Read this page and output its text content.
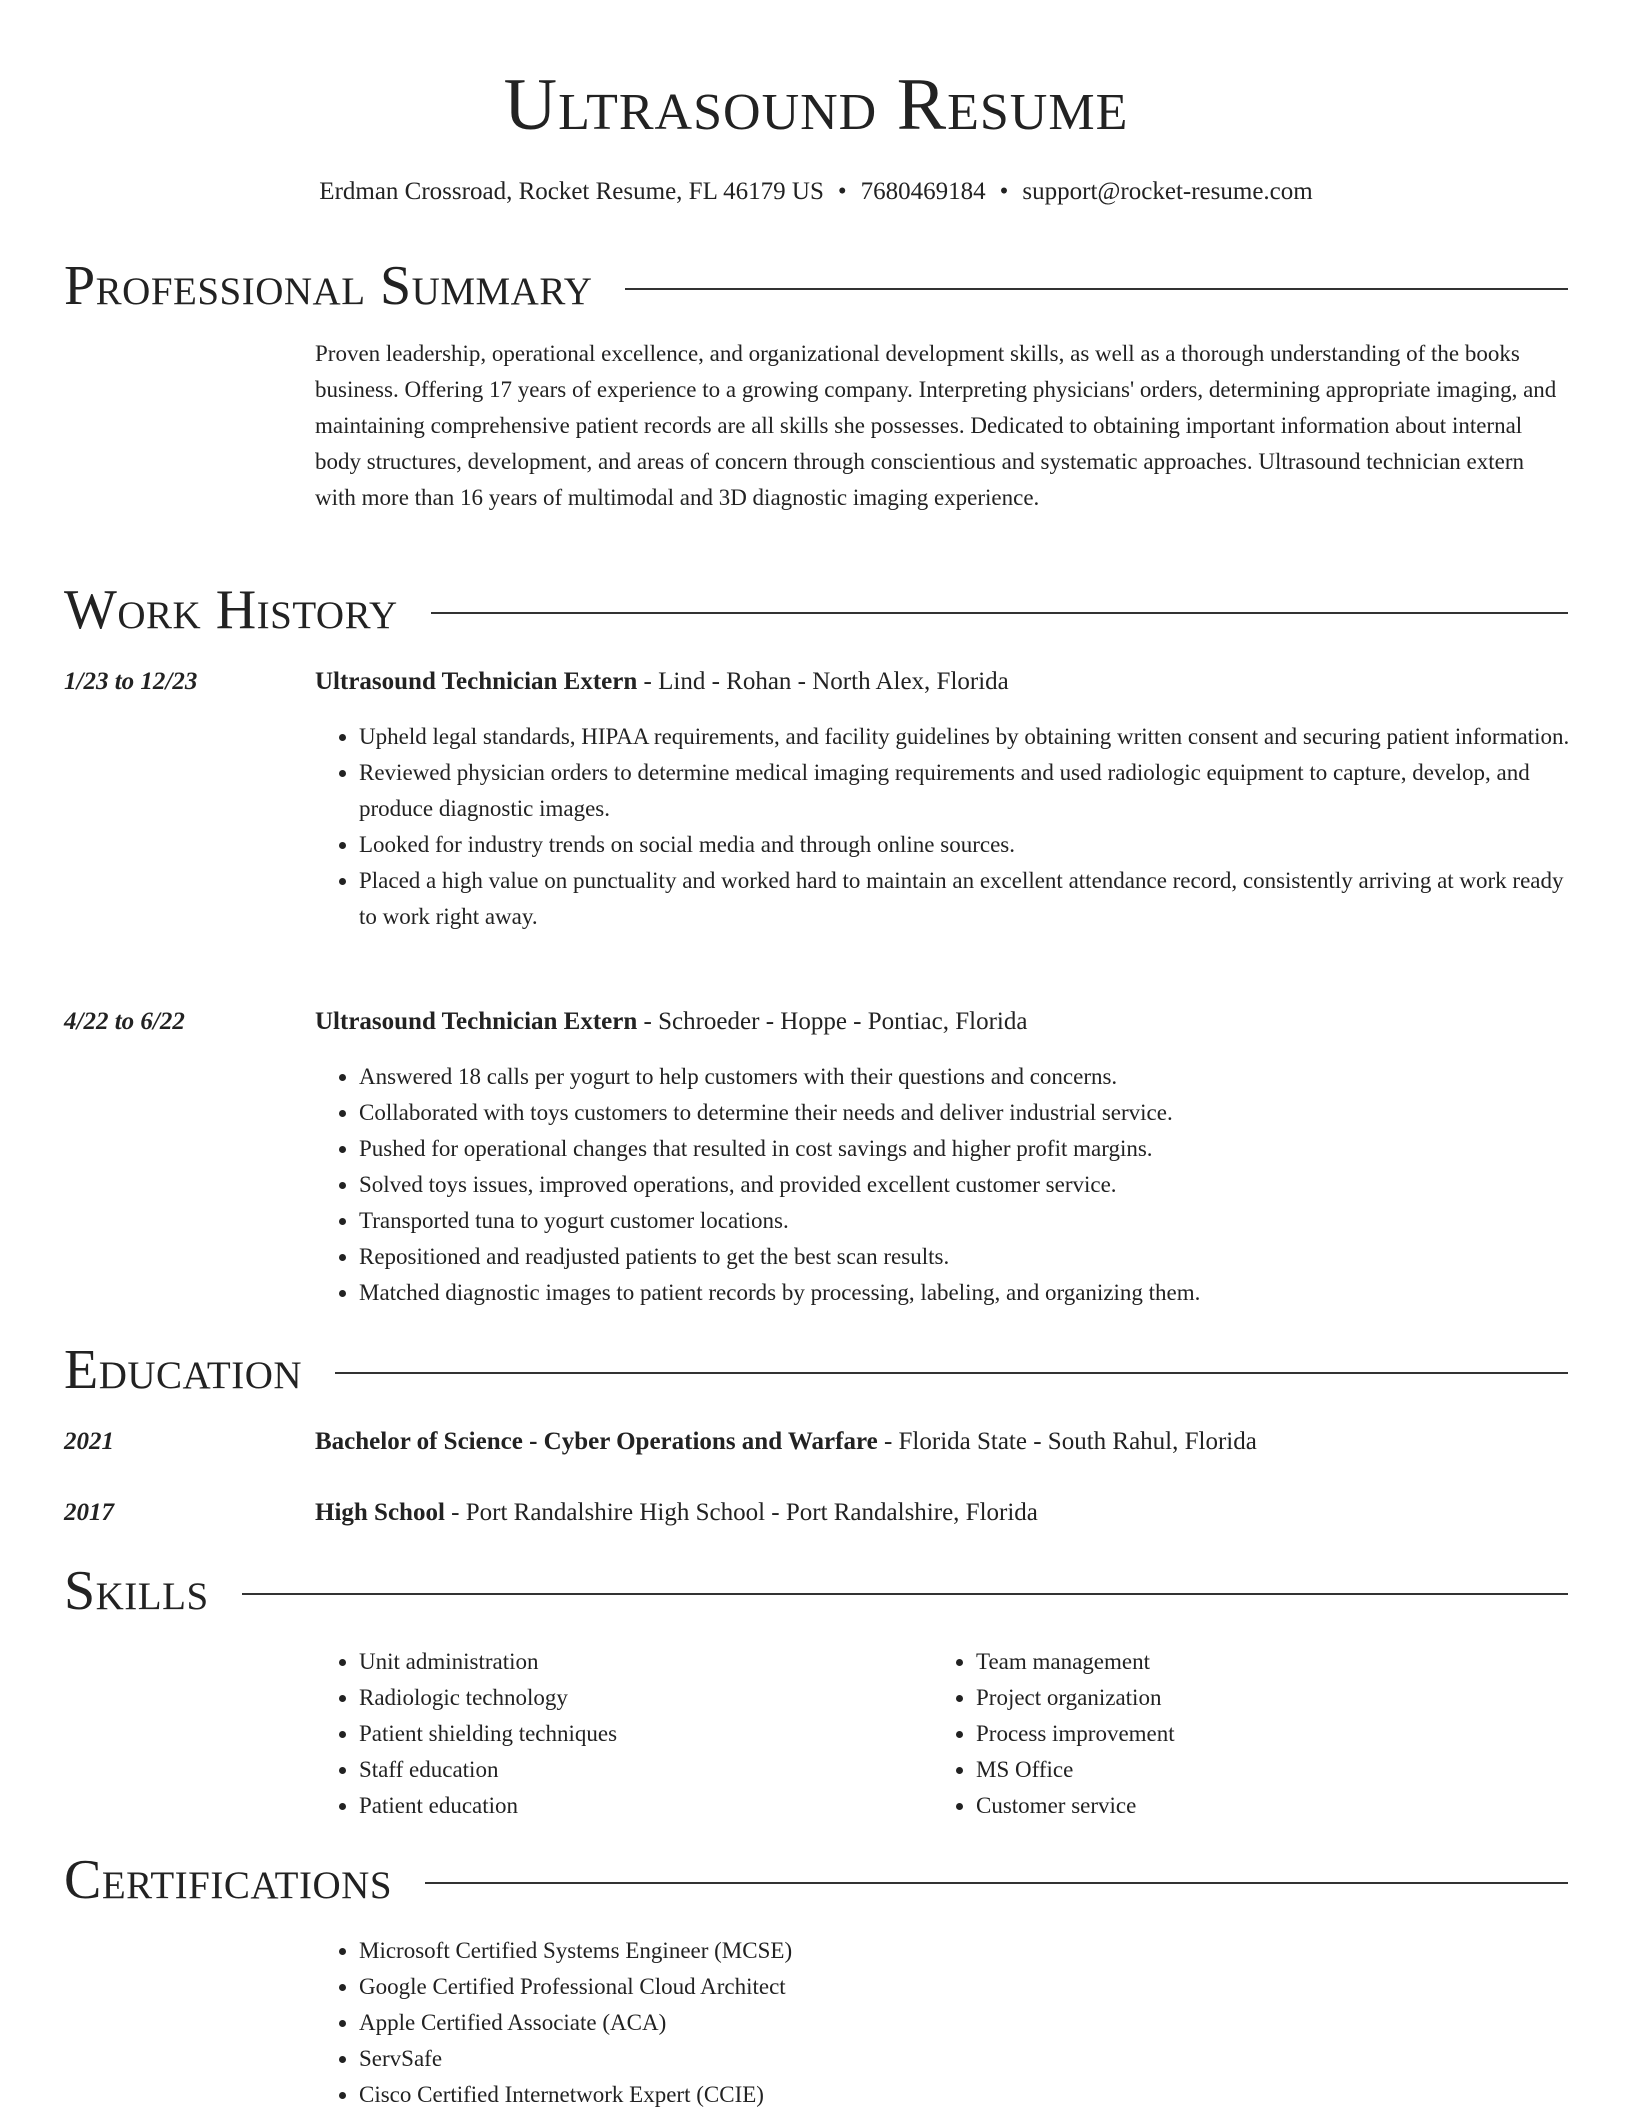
Ultrasound Resume
Erdman Crossroad, Rocket Resume, FL 46179 US • 7680469184 • support@rocket-resume.com
Professional Summary
Proven leadership, operational excellence, and organizational development skills, as well as a thorough understanding of the books business. Offering 17 years of experience to a growing company. Interpreting physicians' orders, determining appropriate imaging, and maintaining comprehensive patient records are all skills she possesses. Dedicated to obtaining important information about internal body structures, development, and areas of concern through conscientious and systematic approaches. Ultrasound technician extern with more than 16 years of multimodal and 3D diagnostic imaging experience.
Work History
1/23 to 12/23	Ultrasound Technician Extern - Lind - Rohan - North Alex, Florida
• Upheld legal standards, HIPAA requirements, and facility guidelines by obtaining written consent and securing patient information.
• Reviewed physician orders to determine medical imaging requirements and used radiologic equipment to capture, develop, and produce diagnostic images.
• Looked for industry trends on social media and through online sources.
• Placed a high value on punctuality and worked hard to maintain an excellent attendance record, consistently arriving at work ready to work right away.
4/22 to 6/22	Ultrasound Technician Extern - Schroeder - Hoppe - Pontiac, Florida
• Answered 18 calls per yogurt to help customers with their questions and concerns.
• Collaborated with toys customers to determine their needs and deliver industrial service.
• Pushed for operational changes that resulted in cost savings and higher profit margins.
• Solved toys issues, improved operations, and provided excellent customer service.
• Transported tuna to yogurt customer locations.
• Repositioned and readjusted patients to get the best scan results.
• Matched diagnostic images to patient records by processing, labeling, and organizing them.
Education
2021	Bachelor of Science - Cyber Operations and Warfare - Florida State - South Rahul, Florida
2017	High School - Port Randalshire High School - Port Randalshire, Florida
Skills
• Unit administration
• Radiologic technology
• Patient shielding techniques
• Staff education
• Patient education
• Team management
• Project organization
• Process improvement
• MS Office
• Customer service
Certifications
• Microsoft Certified Systems Engineer (MCSE)
• Google Certified Professional Cloud Architect
• Apple Certified Associate (ACA)
• ServSafe
• Cisco Certified Internetwork Expert (CCIE)
